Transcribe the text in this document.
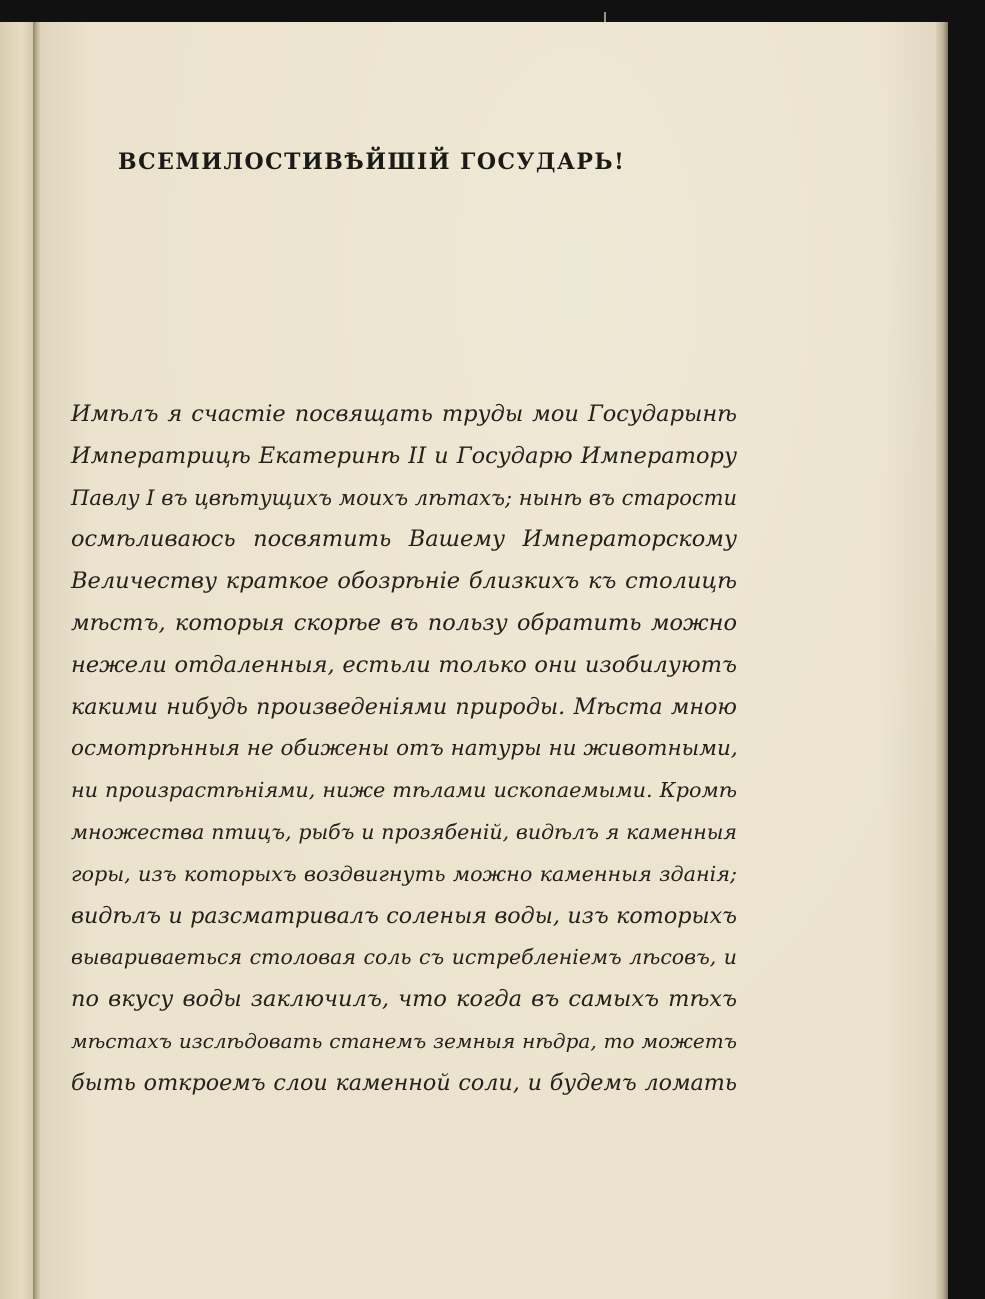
ВСЕМИЛОСТИВѢЙШІЙ ГОСУДАРЬ!
Имѣлъ я счастіе посвящать труды мои Государынѣ
Императрицѣ Екатеринѣ II и Государю Императору
Павлу I въ цвѣтущихъ моихъ лѣтахъ; нынѣ въ старости
осмѣливаюсь посвятить Вашему Императорскому
Величеству краткое обозрѣніе близкихъ къ столицѣ
мѣстъ, которыя скорѣе въ пользу обратить можно
нежели отдаленныя, естьли только они изобилуютъ
какими нибудь произведеніями природы. Мѣста мною
осмотрѣнныя не обижены отъ натуры ни животными,
ни произрастѣніями, ниже тѣлами ископаемыми. Кромѣ
множества птицъ, рыбъ и прозябеній, видѣлъ я каменныя
горы, изъ которыхъ воздвигнуть можно каменныя зданія;
видѣлъ и разсматривалъ соленыя воды, изъ которыхъ
вывариваеться столовая соль съ истребленіемъ лѣсовъ, и
по вкусу воды заключилъ, что когда въ самыхъ тѣхъ
мѣстахъ изслѣдовать станемъ земныя нѣдра, то можетъ
быть откроемъ слои каменной соли, и будемъ ломать
